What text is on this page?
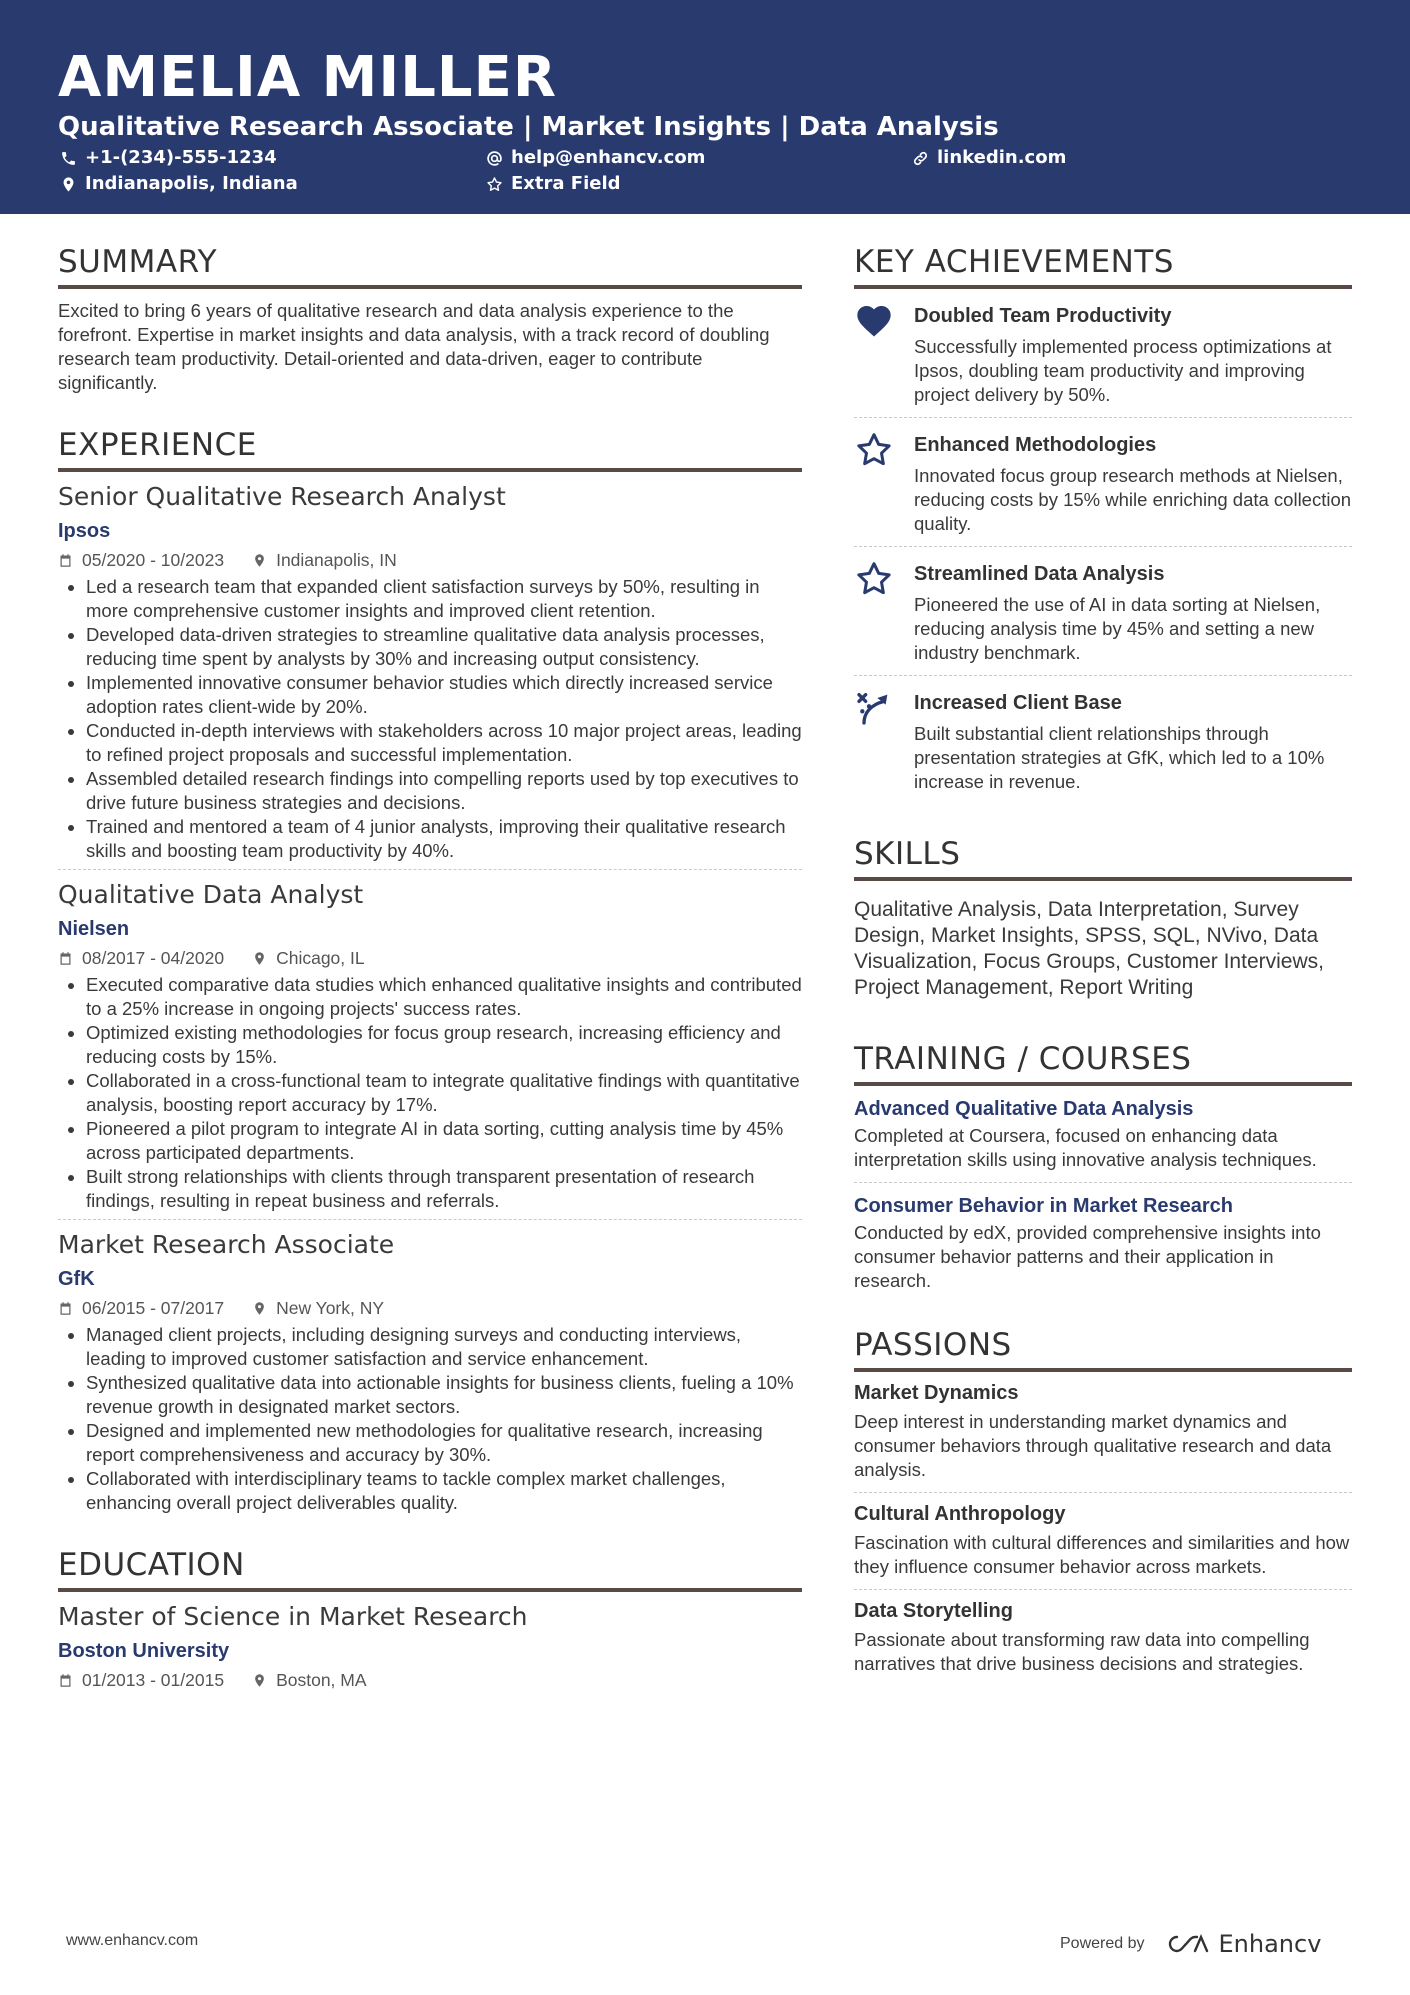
AMELIA MILLER
Qualitative Research Associate | Market Insights | Data Analysis
+1-(234)-555-1234	help@enhancv.com	linkedin.com
Indianapolis, Indiana	Extra Field
SUMMARY

Excited to bring 6 years of qualitative research and data analysis experience to the forefront. Expertise in market insights and data analysis, with a track record of doubling research team productivity. Detail-oriented and data-driven, eager to contribute significantly.

EXPERIENCE
Senior Qualitative Research Analyst
Ipsos
05/2020 - 10/2023	Indianapolis, IN
• Led a research team that expanded client satisfaction surveys by 50%, resulting in more comprehensive customer insights and improved client retention.
• Developed data-driven strategies to streamline qualitative data analysis processes, reducing time spent by analysts by 30% and increasing output consistency.
• Implemented innovative consumer behavior studies which directly increased service adoption rates client-wide by 20%.
• Conducted in-depth interviews with stakeholders across 10 major project areas, leading to refined project proposals and successful implementation.
• Assembled detailed research findings into compelling reports used by top executives to drive future business strategies and decisions.
• Trained and mentored a team of 4 junior analysts, improving their qualitative research skills and boosting team productivity by 40%.
Qualitative Data Analyst
Nielsen
08/2017 - 04/2020	Chicago, IL
• Executed comparative data studies which enhanced qualitative insights and contributed to a 25% increase in ongoing projects' success rates.
• Optimized existing methodologies for focus group research, increasing efficiency and reducing costs by 15%.
• Collaborated in a cross-functional team to integrate qualitative findings with quantitative analysis, boosting report accuracy by 17%.
• Pioneered a pilot program to integrate AI in data sorting, cutting analysis time by 45% across participated departments.
• Built strong relationships with clients through transparent presentation of research findings, resulting in repeat business and referrals.
Market Research Associate
GfK
06/2015 - 07/2017	New York, NY
• Managed client projects, including designing surveys and conducting interviews, leading to improved customer satisfaction and service enhancement.
• Synthesized qualitative data into actionable insights for business clients, fueling a 10% revenue growth in designated market sectors.
• Designed and implemented new methodologies for qualitative research, increasing report comprehensiveness and accuracy by 30%.
• Collaborated with interdisciplinary teams to tackle complex market challenges, enhancing overall project deliverables quality.
EDUCATION
Master of Science in Market Research
Boston University
01/2013 - 01/2015	Boston, MA
KEY ACHIEVEMENTS
Doubled Team Productivity
Successfully implemented process optimizations at Ipsos, doubling team productivity and improving project delivery by 50%.
Enhanced Methodologies
Innovated focus group research methods at Nielsen, reducing costs by 15% while enriching data collection quality.
Streamlined Data Analysis
Pioneered the use of AI in data sorting at Nielsen, reducing analysis time by 45% and setting a new industry benchmark.
Increased Client Base
Built substantial client relationships through presentation strategies at GfK, which led to a 10% increase in revenue.
SKILLS

Qualitative Analysis, Data Interpretation, Survey Design, Market Insights, SPSS, SQL, NVivo, Data Visualization, Focus Groups, Customer Interviews, Project Management, Report Writing

TRAINING / COURSES
Advanced Qualitative Data Analysis
Completed at Coursera, focused on enhancing data interpretation skills using innovative analysis techniques.
Consumer Behavior in Market Research
Conducted by edX, provided comprehensive insights into consumer behavior patterns and their application in research.
PASSIONS
Market Dynamics
Deep interest in understanding market dynamics and consumer behaviors through qualitative research and data analysis.
Cultural Anthropology
Fascination with cultural differences and similarities and how they influence consumer behavior across markets.
Data Storytelling
Passionate about transforming raw data into compelling narratives that drive business decisions and strategies.
www.enhancv.com	Powered by	Enhancv
